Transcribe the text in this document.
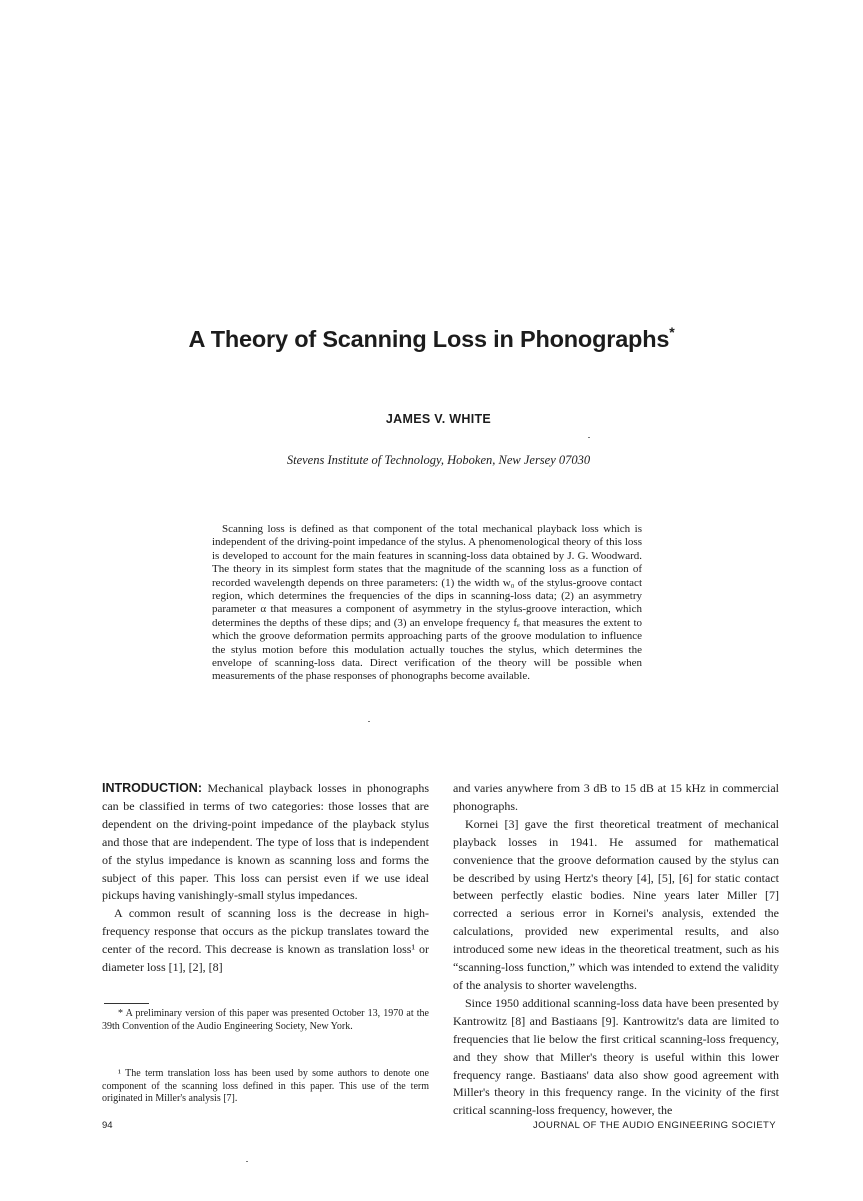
A Theory of Scanning Loss in Phonographs*
JAMES V. WHITE
Stevens Institute of Technology, Hoboken, New Jersey 07030

Scanning loss is defined as that component of the total mechanical playback loss which is independent of the driving-point impedance of the stylus. A phenomenological theory of this loss is developed to account for the main features in scanning-loss data obtained by J. G. Woodward. The theory in its simplest form states that the magnitude of the scanning loss as a function of recorded wavelength depends on three parameters: (1) the width w₀ of the stylus-groove contact region, which determines the frequencies of the dips in scanning-loss data; (2) an asymmetry parameter α that measures a component of asymmetry in the stylus-groove interaction, which determines the depths of these dips; and (3) an envelope frequency fₑ that measures the extent to which the groove deformation permits approaching parts of the groove modulation to influence the stylus motion before this modulation actually touches the stylus, which determines the envelope of scanning-loss data. Direct verification of the theory will be possible when measurements of the phase responses of phonographs become available.

INTRODUCTION: Mechanical playback losses in phonographs can be classified in terms of two categories: those losses that are dependent on the driving-point impedance of the playback stylus and those that are independent. The type of loss that is independent of the stylus impedance is known as scanning loss and forms the subject of this paper. This loss can persist even if we use ideal pickups having vanishingly-small stylus impedances.

A common result of scanning loss is the decrease in high-frequency response that occurs as the pickup translates toward the center of the record. This decrease is known as translation loss¹ or diameter loss [1], [2], [8]

* A preliminary version of this paper was presented October 13, 1970 at the 39th Convention of the Audio Engineering Society, New York.

¹ The term translation loss has been used by some authors to denote one component of the scanning loss defined in this paper. This use of the term originated in Miller's analysis [7].

and varies anywhere from 3 dB to 15 dB at 15 kHz in commercial phonographs.

Kornei [3] gave the first theoretical treatment of mechanical playback losses in 1941. He assumed for mathematical convenience that the groove deformation caused by the stylus can be described by using Hertz's theory [4], [5], [6] for static contact between perfectly elastic bodies. Nine years later Miller [7] corrected a serious error in Kornei's analysis, extended the calculations, provided new experimental results, and also introduced some new ideas in the theoretical treatment, such as his “scanning-loss function,” which was intended to extend the validity of the analysis to shorter wavelengths.

Since 1950 additional scanning-loss data have been presented by Kantrowitz [8] and Bastiaans [9]. Kantrowitz's data are limited to frequencies that lie below the first critical scanning-loss frequency, and they show that Miller's theory is useful within this lower frequency range. Bastiaans' data also show good agreement with Miller's theory in this frequency range. In the vicinity of the first critical scanning-loss frequency, however, the

94	JOURNAL OF THE AUDIO ENGINEERING SOCIETY
